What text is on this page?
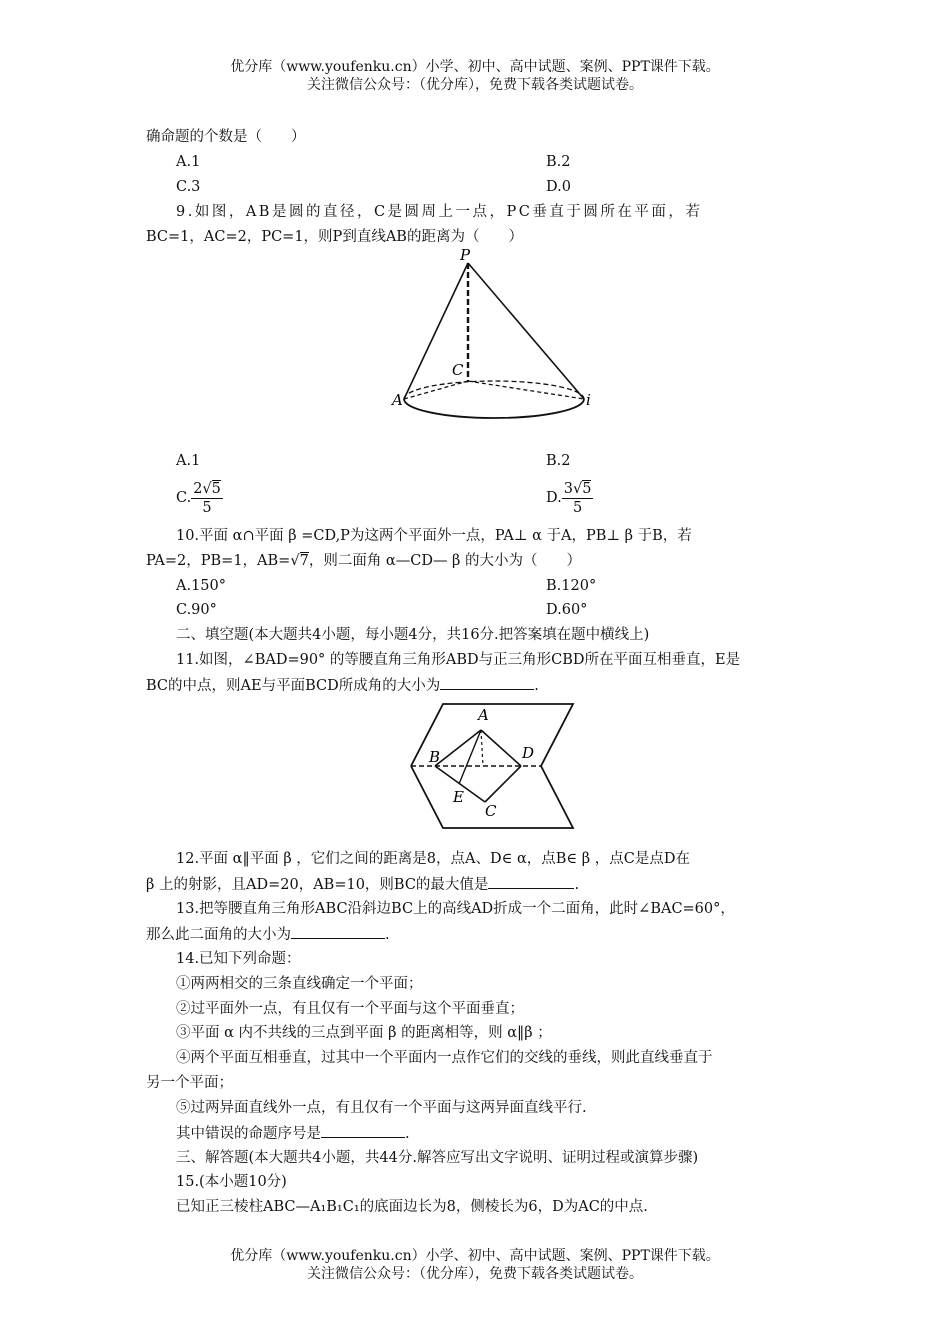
优分库（www.youfenku.cn）小学、初中、高中试题、案例、PPT课件下载。
关注微信公众号：（优分库），免费下载各类试题试卷。
确命题的个数是（　　）
A.1	B.2
C.3	D.0
9.如图，AB是圆的直径，C是圆周上一点，PC垂直于圆所在平面，若
BC=1，AC=2，PC=1，则P到直线AB的距离为（　　）
P
C
A	i
A.1	B.2
C. $\frac{2√5}{5}$	D. $\frac{3√5}{5}$
10.平面 α∩平面 β =CD,P为这两个平面外一点，PA⊥ α 于A，PB⊥ β 于B，若
PA=2，PB=1，AB=√7，则二面角 α—CD— β 的大小为（　　）
A.150°	B.120°
C.90°	D.60°
二、填空题(本大题共4小题，每小题4分，共16分.把答案填在题中横线上)
11.如图，∠BAD=90° 的等腰直角三角形ABD与正三角形CBD所在平面互相垂直，E是
BC的中点，则AE与平面BCD所成角的大小为	.
A
B	D
E
C
12.平面 α‖平面 β ，它们之间的距离是8，点A、D∈ α，点B∈ β ，点C是点D在
β 上的射影，且AD=20，AB=10，则BC的最大值是	.
13.把等腰直角三角形ABC沿斜边BC上的高线AD折成一个二面角，此时∠BAC=60°，
那么此二面角的大小为	.
14.已知下列命题：
①两两相交的三条直线确定一个平面；
②过平面外一点，有且仅有一个平面与这个平面垂直；
③平面 α 内不共线的三点到平面 β 的距离相等，则 α‖β ；
④两个平面互相垂直，过其中一个平面内一点作它们的交线的垂线，则此直线垂直于
另一个平面；
⑤过两异面直线外一点，有且仅有一个平面与这两异面直线平行.
其中错误的命题序号是	.
三、解答题(本大题共4小题，共44分.解答应写出文字说明、证明过程或演算步骤)
15.(本小题10分)
已知正三棱柱ABC—A₁B₁C₁的底面边长为8，侧棱长为6，D为AC的中点.
优分库（www.youfenku.cn）小学、初中、高中试题、案例、PPT课件下载。
关注微信公众号：（优分库），免费下载各类试题试卷。
